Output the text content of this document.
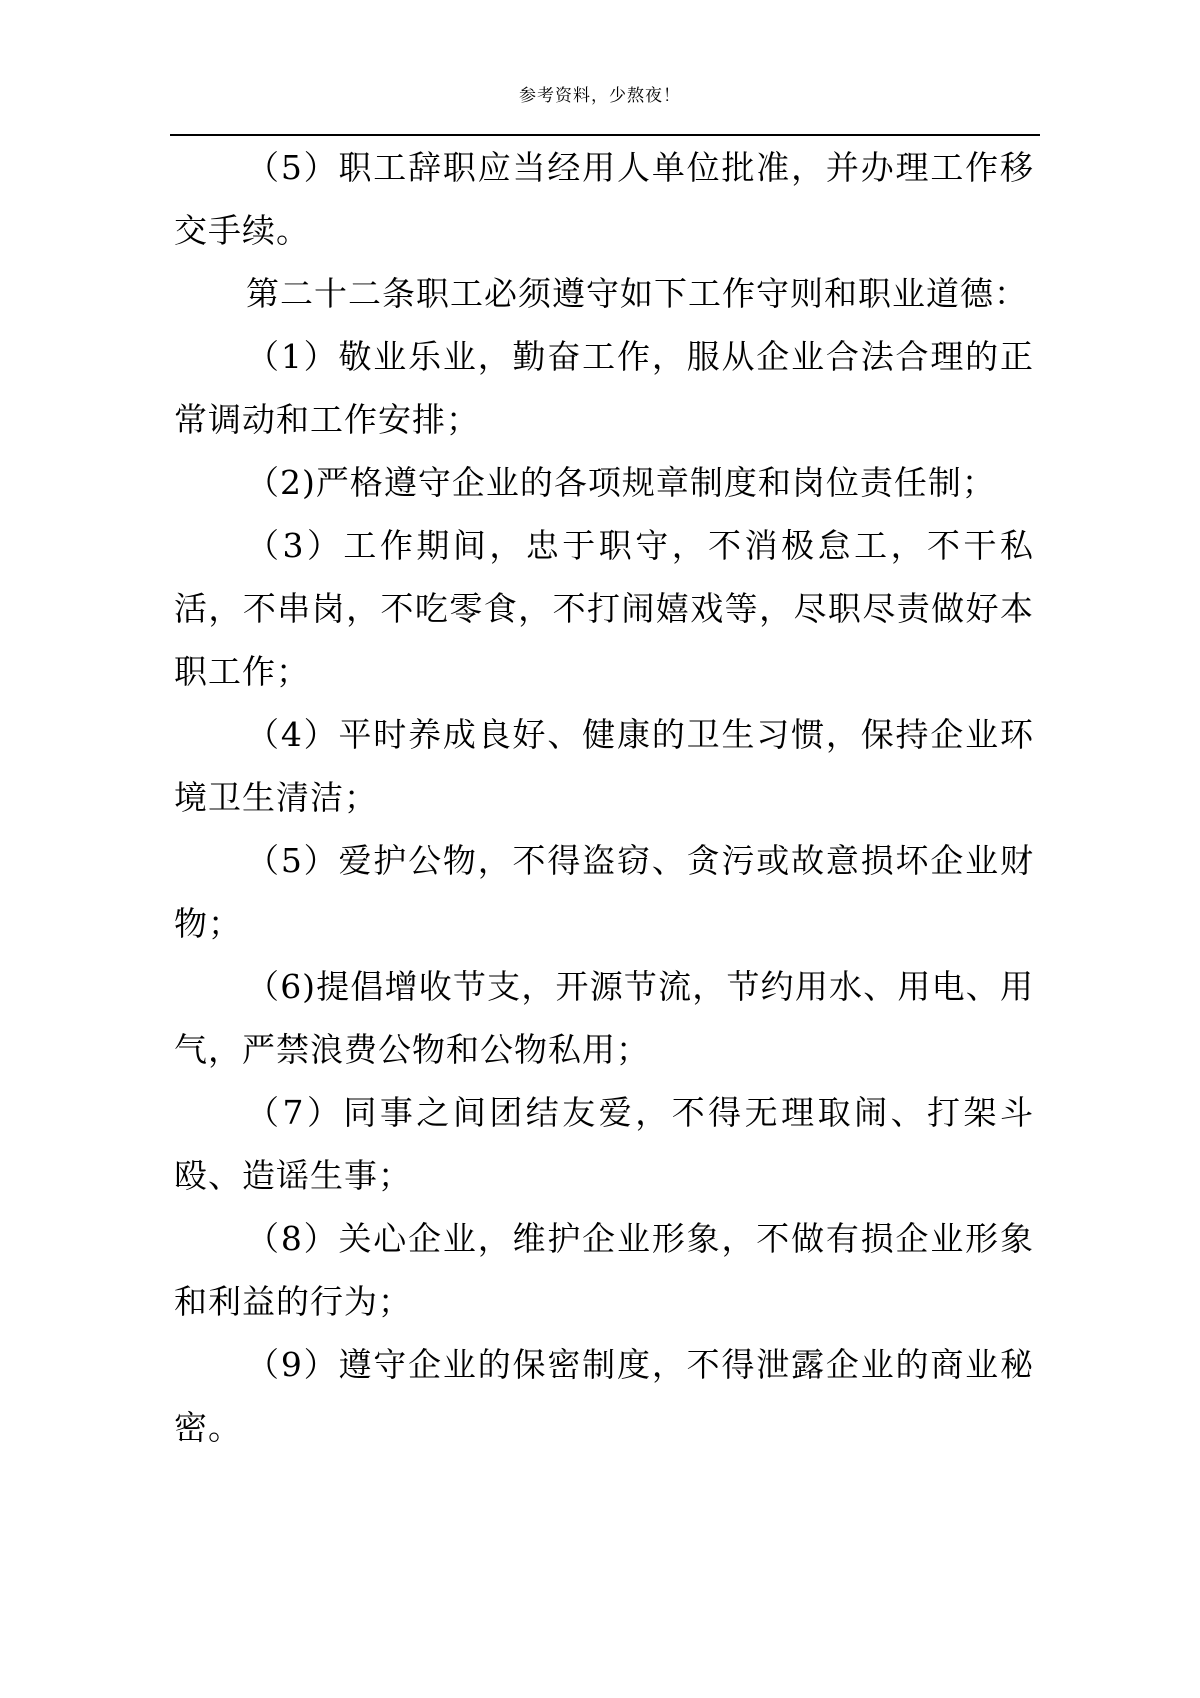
参考资料，少熬夜！

（5）职工辞职应当经用人单位批准，并办理工作移交手续。

第二十二条职工必须遵守如下工作守则和职业道德：

（1）敬业乐业，勤奋工作，服从企业合法合理的正常调动和工作安排；

（2)严格遵守企业的各项规章制度和岗位责任制；

（3）工作期间，忠于职守，不消极怠工，不干私活，不串岗，不吃零食，不打闹嬉戏等，尽职尽责做好本职工作；

（4）平时养成良好、健康的卫生习惯，保持企业环境卫生清洁；

（5）爱护公物，不得盗窃、贪污或故意损坏企业财物；

（6)提倡增收节支，开源节流，节约用水、用电、用气，严禁浪费公物和公物私用；

（7）同事之间团结友爱，不得无理取闹、打架斗殴、造谣生事；

（8）关心企业，维护企业形象，不做有损企业形象和利益的行为；

（9）遵守企业的保密制度，不得泄露企业的商业秘密。
